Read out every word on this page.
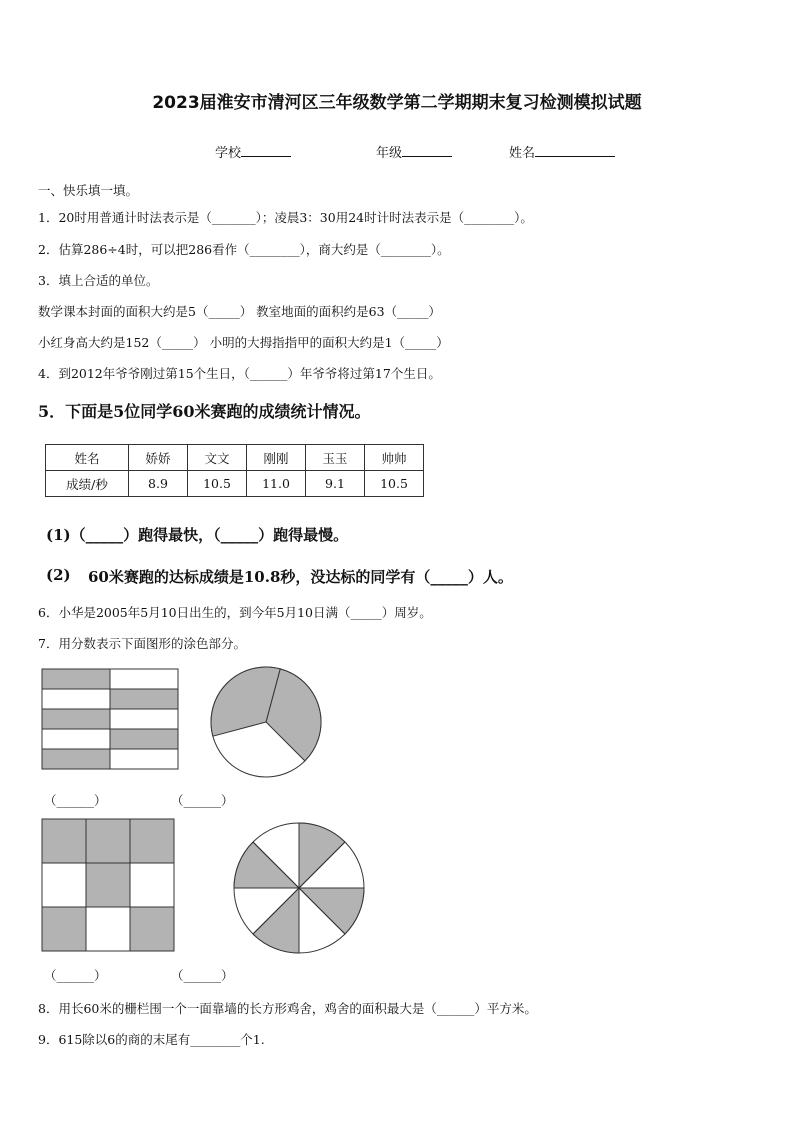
2023届淮安市清河区三年级数学第二学期期末复习检测模拟试题
学校	年级	姓名
一、快乐填一填。
1．20时用普通计时法表示是（_______）；凌晨3：30用24时计时法表示是（________）。
2．估算286÷4时，可以把286看作（________），商大约是（________）。
3．填上合适的单位。
数学课本封面的面积大约是5（_____） 教室地面的面积约是63（_____）
小红身高大约是152（_____） 小明的大拇指指甲的面积大约是1（_____）
4．到2012年爷爷刚过第15个生日，（______）年爷爷将过第17个生日。
5．下面是5位同学60米赛跑的成绩统计情况。
姓名	娇娇	文文	刚刚	玉玉	帅帅
成绩/秒	8.9	10.5	11.0	9.1	10.5
(1)（_____）跑得最快，（_____）跑得最慢。
(2) 60米赛跑的达标成绩是10.8秒，没达标的同学有（_____）人。
6．小华是2005年5月10日出生的，到今年5月10日满（_____）周岁。
7．用分数表示下面图形的涂色部分。
（______）	（______）
（______）	（______）
8．用长60米的栅栏围一个一面靠墙的长方形鸡舍，鸡舍的面积最大是（______）平方米。
9．615除以6的商的末尾有________个1.
